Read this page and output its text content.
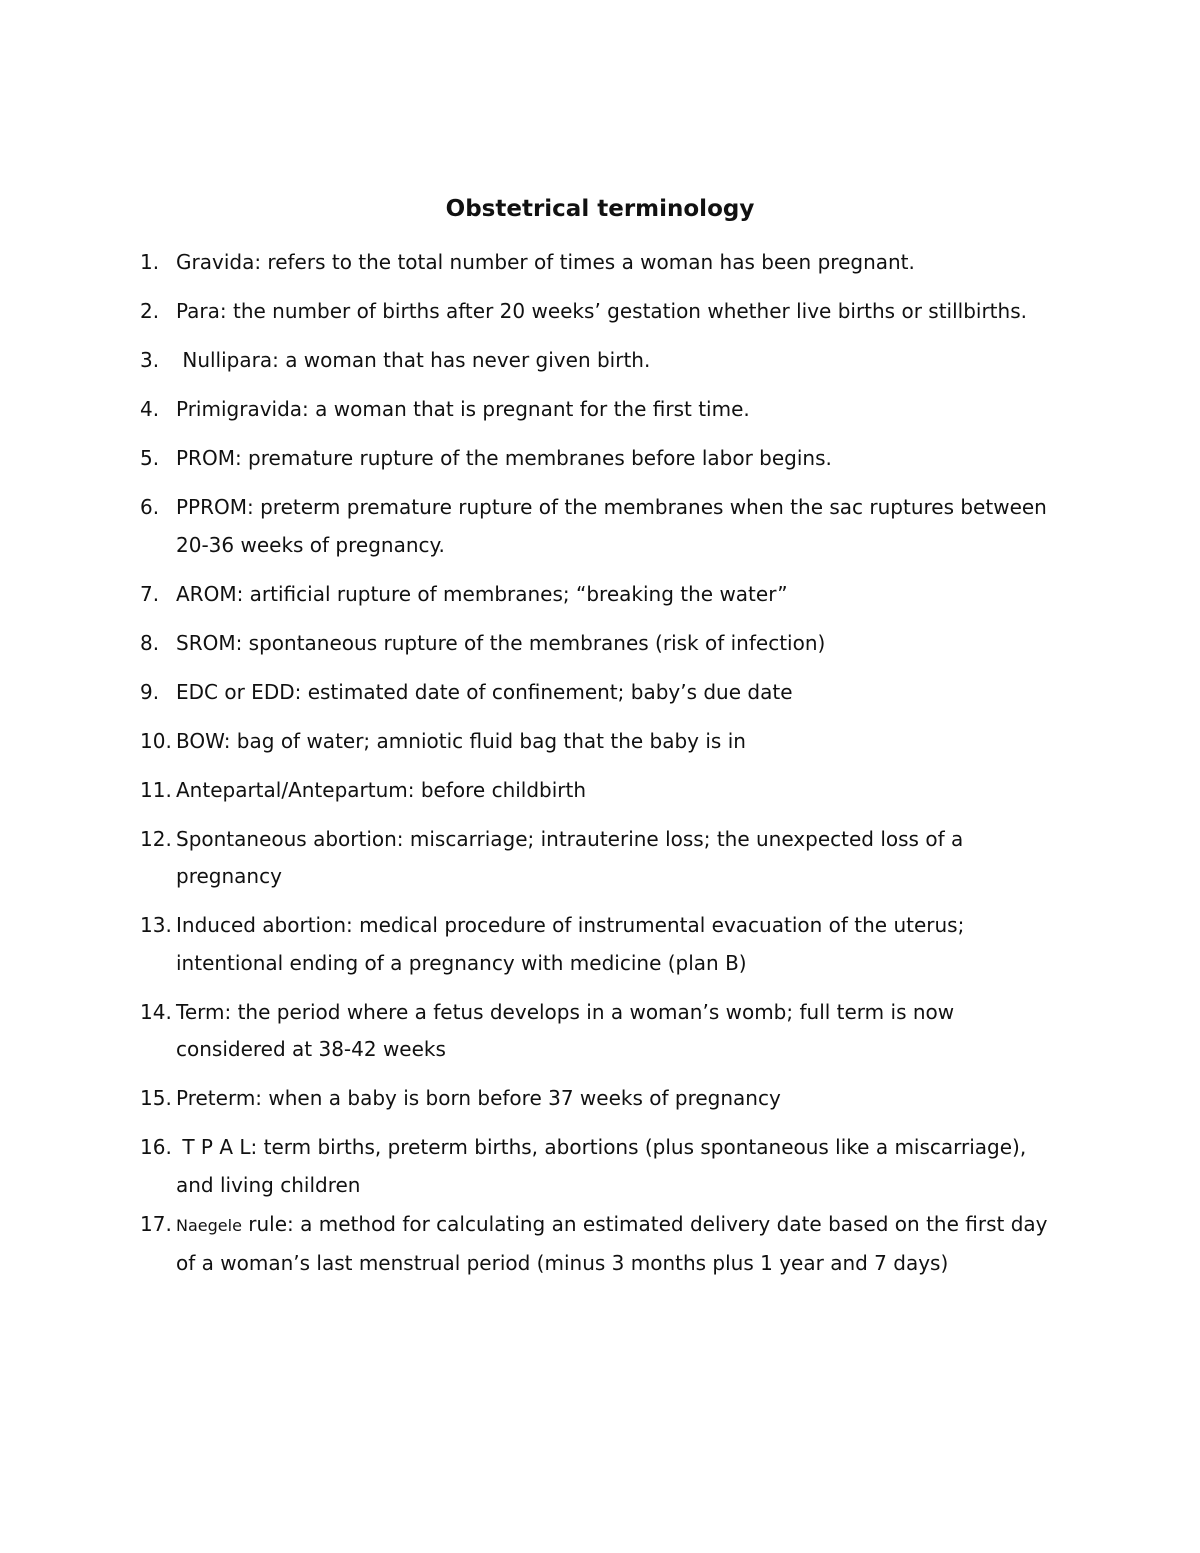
Obstetrical terminology
1. Gravida: refers to the total number of times a woman has been pregnant.
2. Para: the number of births after 20 weeks’ gestation whether live births or stillbirths.
3. Nullipara: a woman that has never given birth.
4. Primigravida: a woman that is pregnant for the first time.
5. PROM: premature rupture of the membranes before labor begins.
6. PPROM: preterm premature rupture of the membranes when the sac ruptures between 20-36 weeks of pregnancy.
7. AROM: artificial rupture of membranes; “breaking the water”
8. SROM: spontaneous rupture of the membranes (risk of infection)
9. EDC or EDD: estimated date of confinement; baby’s due date
10. BOW: bag of water; amniotic fluid bag that the baby is in
11. Antepartal/Antepartum: before childbirth
12. Spontaneous abortion: miscarriage; intrauterine loss; the unexpected loss of a pregnancy
13. Induced abortion: medical procedure of instrumental evacuation of the uterus; intentional ending of a pregnancy with medicine (plan B)
14. Term: the period where a fetus develops in a woman’s womb; full term is now considered at 38-42 weeks
15. Preterm: when a baby is born before 37 weeks of pregnancy
16. T P A L: term births, preterm births, abortions (plus spontaneous like a miscarriage), and living children
17. Naegele rule: a method for calculating an estimated delivery date based on the first day of a woman’s last menstrual period (minus 3 months plus 1 year and 7 days)
